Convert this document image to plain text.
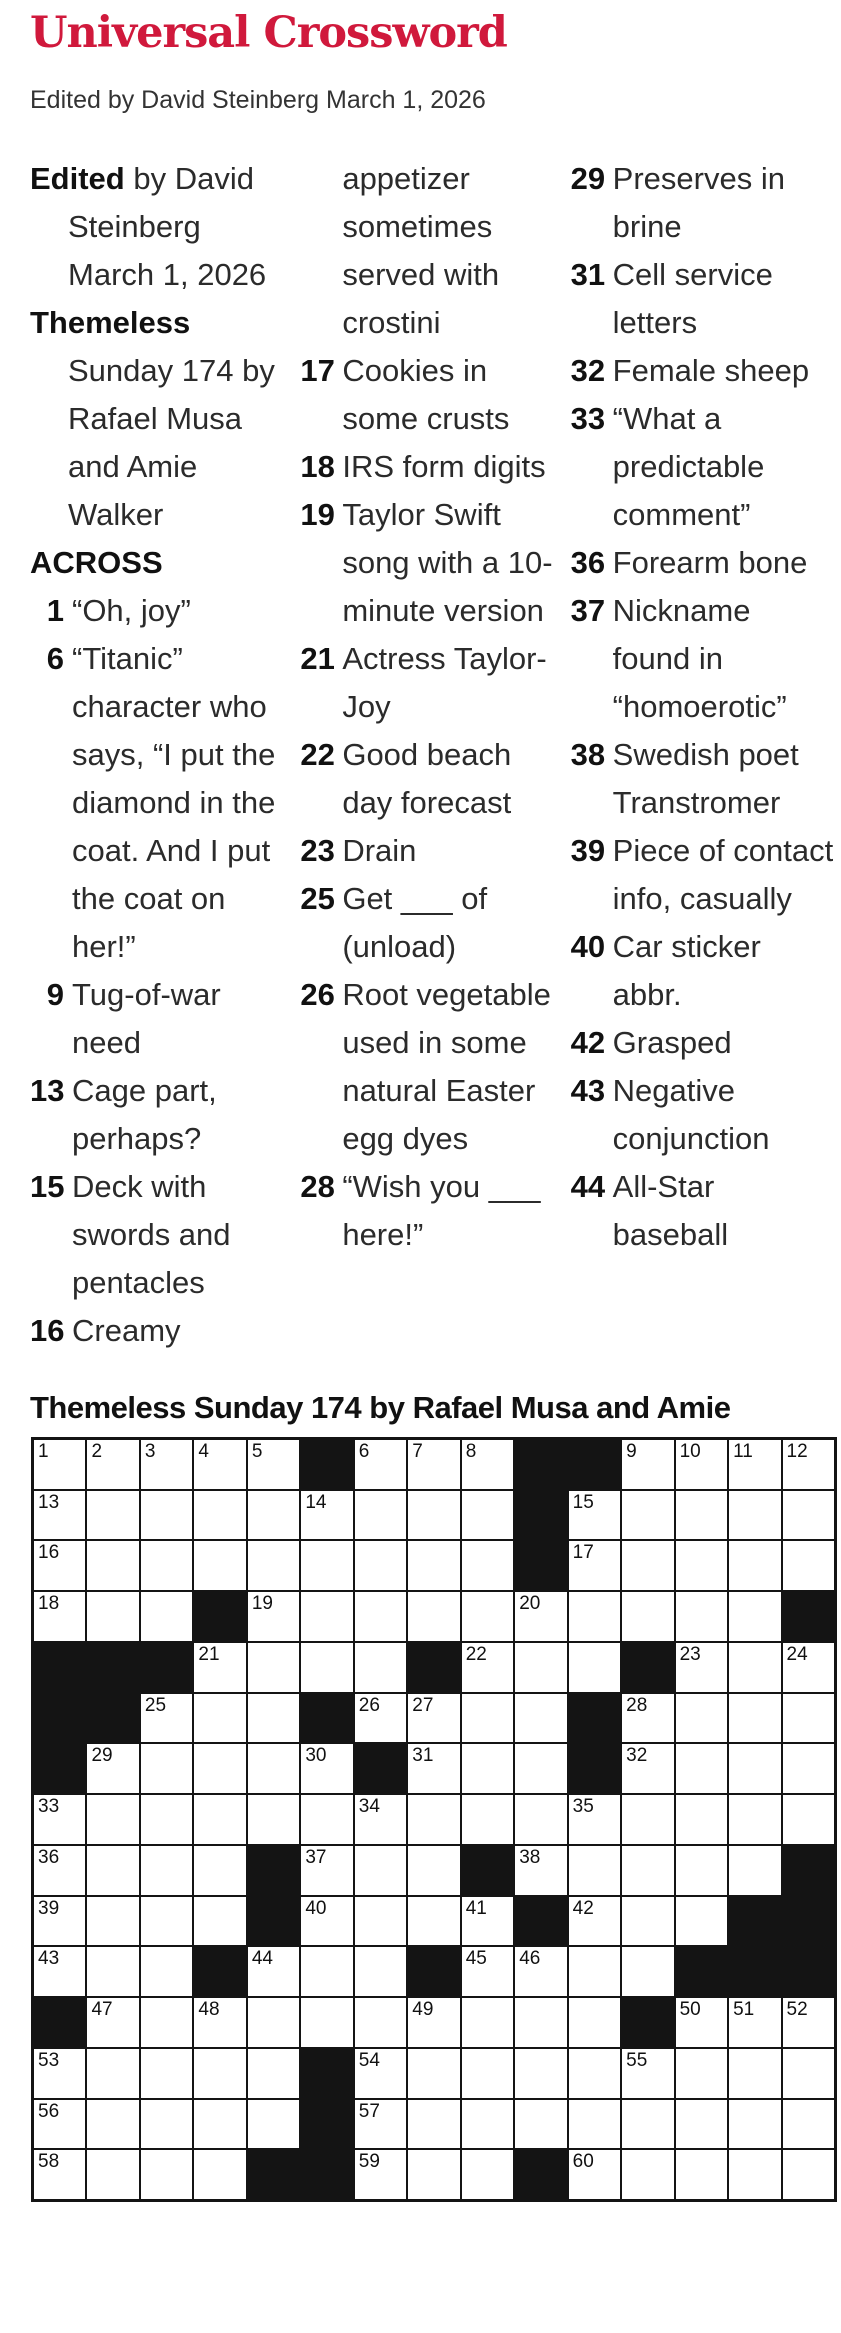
Universal Crossword
Edited by David Steinberg March 1, 2026
Edited by David Steinberg March 1, 2026
Themeless Sunday 174 by Rafael Musa and Amie Walker
ACROSS
1 “Oh, joy”
6 “Titanic” character who says, “I put the diamond in the coat. And I put the coat on her!”
9 Tug-of-war need
13 Cage part, perhaps?
15 Deck with swords and pentacles
16 Creamy
appetizer sometimes served with crostini
17 Cookies in some crusts
18 IRS form digits
19 Taylor Swift song with a 10-minute version
21 Actress Taylor-Joy
22 Good beach day forecast
23 Drain
25 Get ___ of (unload)
26 Root vegetable used in some natural Easter egg dyes
28 “Wish you ___ here!”
29 Preserves in brine
31 Cell service letters
32 Female sheep
33 “What a predictable comment”
36 Forearm bone
37 Nickname found in “homoerotic”
38 Swedish poet Transtromer
39 Piece of contact info, casually
40 Car sticker abbr.
42 Grasped
43 Negative conjunction
44 All-Star baseball
Themeless Sunday 174 by Rafael Musa and Amie
1 2 3 4 5	6 7 8	9 10 11 12
13	14	15
16	17
18	19	20
21	22	23	24
25	26 27	28
29	30	31	32
33	34	35
36	37	38
39	40	41	42
43	44	45 46
47	48	49	50 51 52
53	54	55
56	57
58	59	60
